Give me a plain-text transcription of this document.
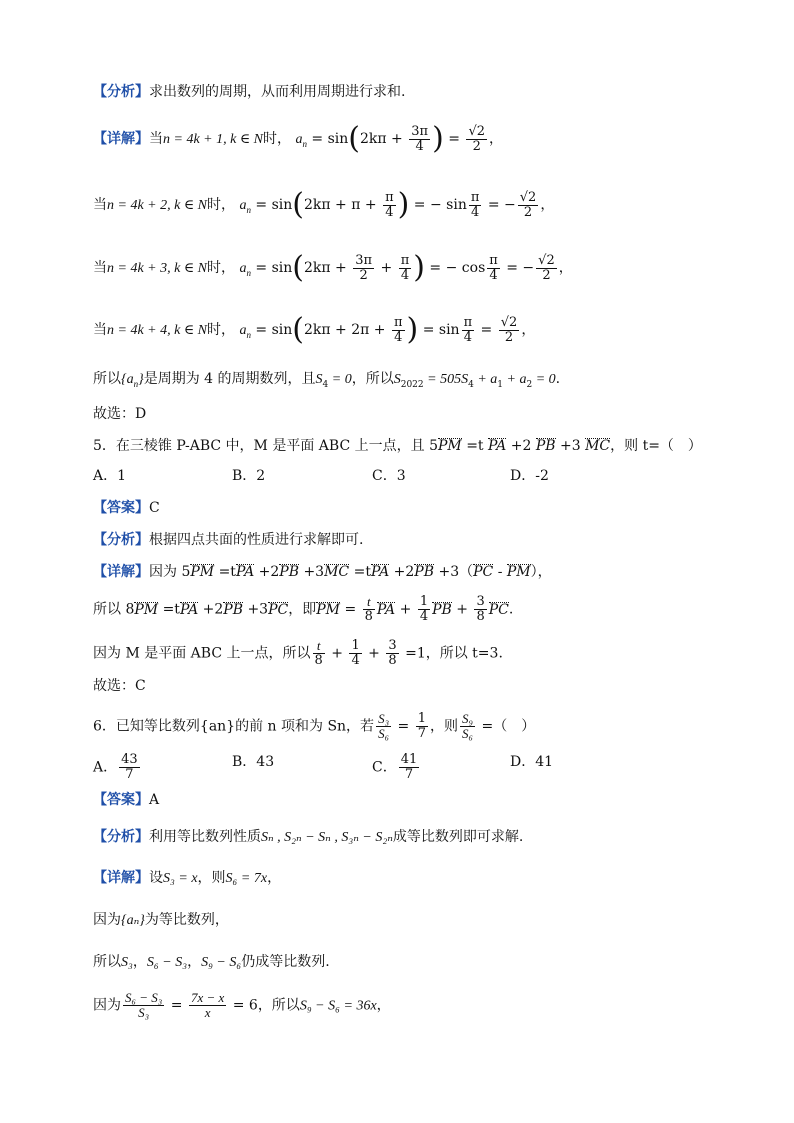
【分析】求出数列的周期，从而利用周期进行求和.
【详解】当n = 4k + 1, k ∈ N时， $a_n = \sin(2k\pi + \frac{3\pi}{4}$ ) = $\frac{√2}{2}$ ，
当n = 4k + 2, k ∈ N时， $a_n = \sin(2k\pi + \pi + \frac{\pi}{4}$ ) = − $\sin \frac{\pi}{4}$ = − $\frac{√2}{2}$ ，
当n = 4k + 3, k ∈ N时， $a_n = \sin(2k\pi + \frac{3\pi}{2} + \frac{\pi}{4}$ ) = − $\cos \frac{\pi}{4}$ = − $\frac{√2}{2}$ ，
当n = 4k + 4, k ∈ N时， $a_n = \sin(2k\pi + 2\pi + \frac{\pi}{4}$ ) = $\sin \frac{\pi}{4} = \frac{√2}{2}$ ，
所以$\{a_n\}$是周期为 4 的周期数列，且$S_4 = 0$，所以$S_{2022} = 505S_4 + a_1 + a_2 = 0$.
故选：D
5．在三棱锥 P-ABC 中，M 是平面 ABC 上一点，且 5PM =t PA +2 PB +3 MC，则 t=（　）
A．1	B．2	C．3	D．-2
【答案】C
【分析】根据四点共面的性质进行求解即可.
【详解】因为 5PM =tPA +2PB +3MC =tPA +2PB +3（PC - PM），
所以 8PM =tPA +2PB +3PC，即PM = $\frac{t}{8}$ PA + $\frac{1}{4}$ PB + $\frac{3}{8}$ PC.
因为 M 是平面 ABC 上一点，所以 $\frac{t}{8} + \frac{1}{4} + \frac{3}{8} =1$，所以 t=3.
故选：C
6．已知等比数列{an}的前 n 项和为 Sn，若 $\frac{\text{S₃}}{\text{S₆}} = \frac{1}{7}$ ，则 $\frac{\text{S₉}}{\text{S₆}}$ =（　）
A． $\frac{43}{7}$	B．43	C． $\frac{41}{7}$	D．41
【答案】A
【分析】利用等比数列性质Sₙ , S₂ₙ − Sₙ , S₃ₙ − S₂ₙ成等比数列即可求解.
【详解】设S₃ = x，则S₆ = 7x，
因为{aₙ}为等比数列，
所以S₃，S₆ − S₃，S₉ − S₆仍成等比数列.
因为 $\frac{\text{S₆ − S₃}}{\text{S₃}} = \frac{7x - x}{x} = 6$，所以S₉ − S₆ = 36x，
